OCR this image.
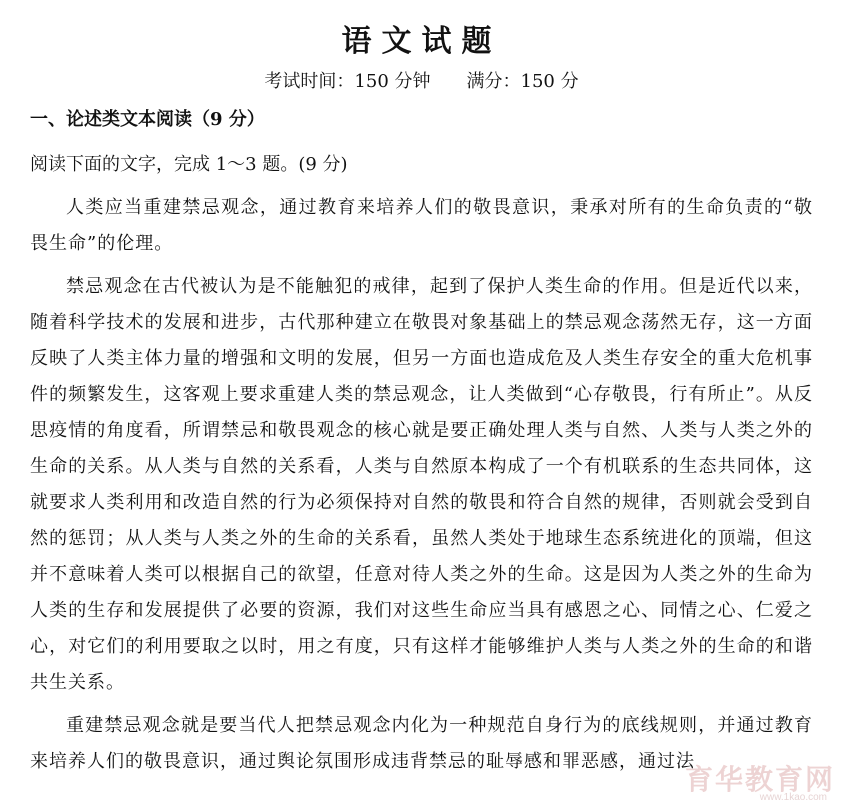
语文试题
考试时间：150 分钟 满分：150 分
一、论述类文本阅读（9 分）
阅读下面的文字，完成 1～3 题。(9 分)

人类应当重建禁忌观念，通过教育来培养人们的敬畏意识，秉承对所有的生命负责的“敬畏生命”的伦理。

禁忌观念在古代被认为是不能触犯的戒律，起到了保护人类生命的作用。但是近代以来，随着科学技术的发展和进步，古代那种建立在敬畏对象基础上的禁忌观念荡然无存，这一方面反映了人类主体力量的增强和文明的发展，但另一方面也造成危及人类生存安全的重大危机事件的频繁发生，这客观上要求重建人类的禁忌观念，让人类做到“心存敬畏，行有所止”。从反思疫情的角度看，所谓禁忌和敬畏观念的核心就是要正确处理人类与自然、人类与人类之外的生命的关系。从人类与自然的关系看，人类与自然原本构成了一个有机联系的生态共同体，这就要求人类利用和改造自然的行为必须保持对自然的敬畏和符合自然的规律，否则就会受到自然的惩罚；从人类与人类之外的生命的关系看，虽然人类处于地球生态系统进化的顶端，但这并不意味着人类可以根据自己的欲望，任意对待人类之外的生命。这是因为人类之外的生命为人类的生存和发展提供了必要的资源，我们对这些生命应当具有感恩之心、同情之心、仁爱之心，对它们的利用要取之以时，用之有度，只有这样才能够维护人类与人类之外的生命的和谐共生关系。

重建禁忌观念就是要当代人把禁忌观念内化为一种规范自身行为的底线规则，并通过教育来培养人们的敬畏意识，通过舆论氛围形成违背禁忌的耻辱感和罪恶感，通过法

育华教育网
www.1kao.com
